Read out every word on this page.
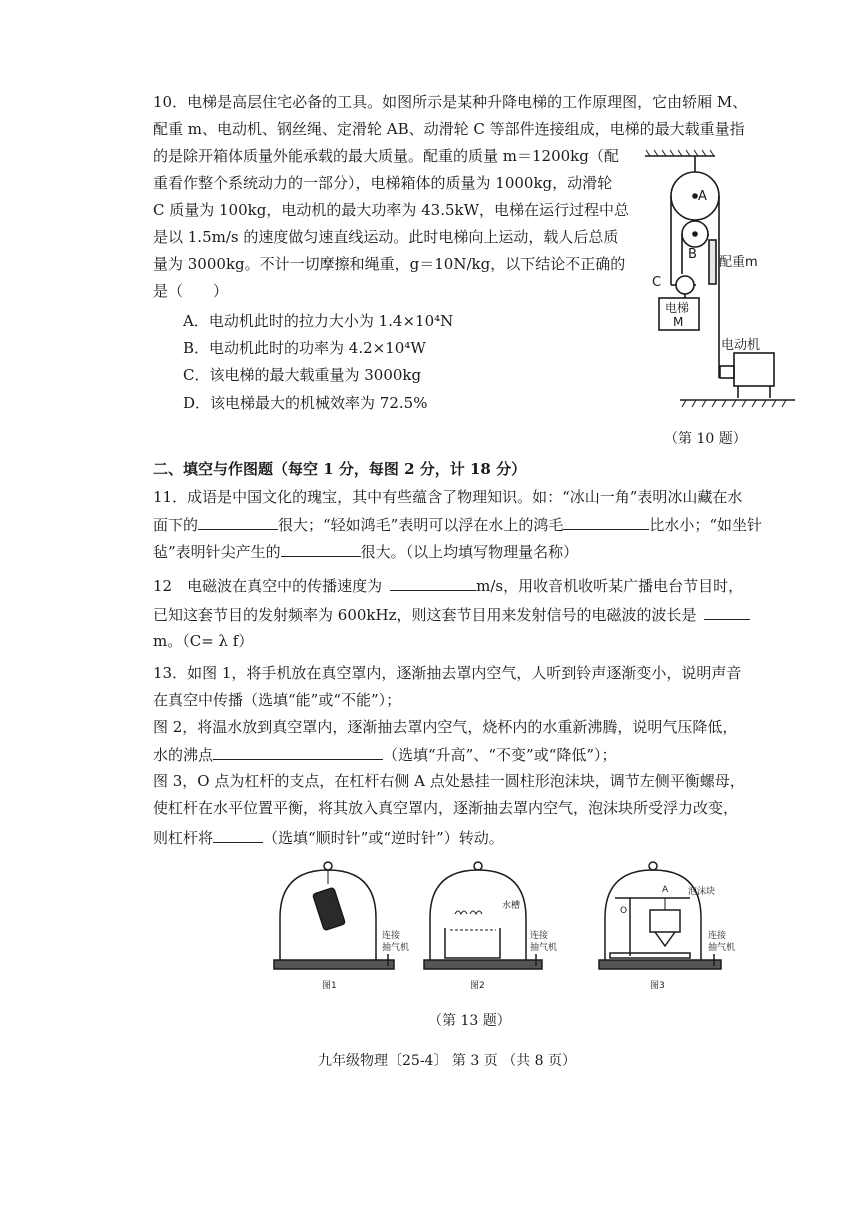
10．电梯是高层住宅必备的工具。如图所示是某种升降电梯的工作原理图，它由轿厢 M、
配重 m、电动机、钢丝绳、定滑轮 AB、动滑轮 C 等部件连接组成，电梯的最大载重量指
的是除开箱体质量外能承载的最大质量。配重的质量 m＝1200kg（配
重看作整个系统动力的一部分），电梯箱体的质量为 1000kg，动滑轮
C 质量为 100kg，电动机的最大功率为 43.5kW，电梯在运行过程中总
是以 1.5m/s 的速度做匀速直线运动。此时电梯向上运动，载人后总质
量为 3000kg。不计一切摩擦和绳重，g＝10N/kg，以下结论不正确的
是（　　）
A．电动机此时的拉力大小为 1.4×10⁴N
B．电动机此时的功率为 4.2×10⁴W
C．该电梯的最大载重量为 3000kg
D．该电梯最大的机械效率为 72.5%
A
B
C
配重m
电梯
M
电动机
（第 10 题）
二、填空与作图题（每空 1 分，每图 2 分，计 18 分）
11．成语是中国文化的瑰宝，其中有些蕴含了物理知识。如：“冰山一角”表明冰山藏在水
面下的	很大；“轻如鸿毛”表明可以浮在水上的鸿毛	比水小；“如坐针
毡”表明针尖产生的	很大。（以上均填写物理量名称）
12　电磁波在真空中的传播速度为	m/s，用收音机收听某广播电台节目时，
已知这套节目的发射频率为 600kHz，则这套节目用来发射信号的电磁波的波长是
m。（C= λ f）
13．如图 1，将手机放在真空罩内，逐渐抽去罩内空气，人听到铃声逐渐变小，说明声音
在真空中传播（选填“能”或“不能”）；
图 2，将温水放到真空罩内，逐渐抽去罩内空气，烧杯内的水重新沸腾，说明气压降低，
水的沸点	（选填“升高”、“不变”或“降低”）；
图 3，O 点为杠杆的支点，在杠杆右侧 A 点处悬挂一圆柱形泡沫块，调节左侧平衡螺母，
使杠杆在水平位置平衡，将其放入真空罩内，逐渐抽去罩内空气，泡沫块所受浮力改变，
则杠杆将	（选填“顺时针”或“逆时针”）转动。
连接
抽气机
水槽
连接
抽气机
泡沫块
O
A
连接
抽气机
图1	图2	图3
（第 13 题）
九年级物理〔25-4〕 第 3 页 （共 8 页）
